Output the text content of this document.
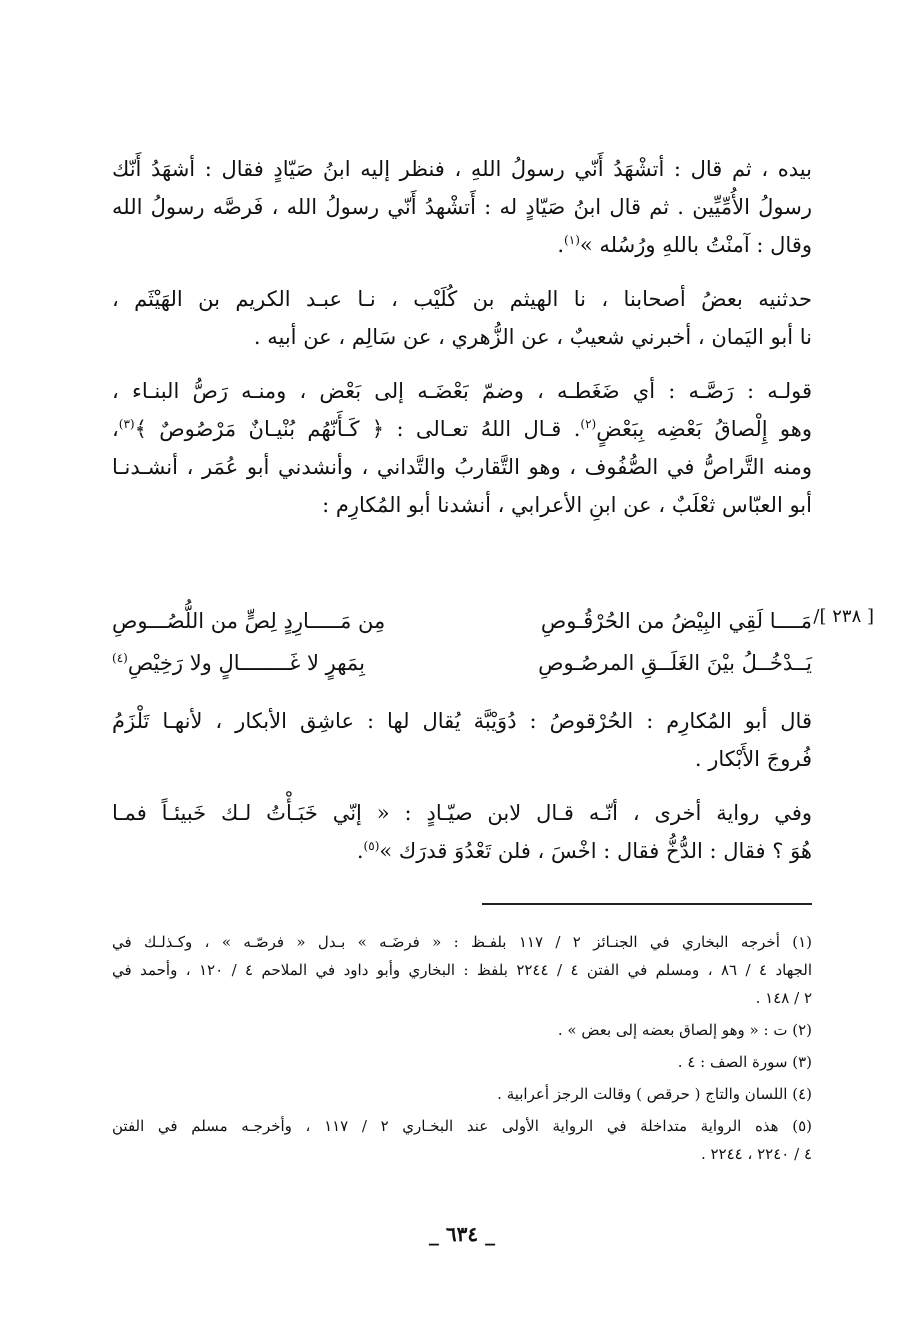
بيده ، ثم قال : أتشْهَدُ أَنّي رسولُ اللهِ ، فنظر إليه ابنُ صَيّادٍ فقال : أشهَدُ أَنّك
رسولُ الأُمِّيِّين . ثم قال ابنُ صَيّادٍ له : أَتشْهدُ أَنّي رسولُ الله ، فَرصَّه رسولُ الله
وقال : آمنْتُ باللهِ ورُسُله »$^{(١)}$.
حدثنيه بعضُ أصحابنا ، نا الهيثم بن كُلَيْب ، نـا عبـد الكريم بن الهَيْثَم ،
نا أبو اليَمان ، أخبرني شعيبٌ ، عن الزُّهري ، عن سَالِم ، عن أبيه .
قولـه : رَصَّـه : أي ضَغَطـه ، وضمّ بَعْضَـه إلى بَعْض ، ومنـه رَصُّ البنـاء ،
وهو إِلْصاقُ بَعْضِه بِبَعْضٍ$^{(٢)}$. قـال اللهُ تعـالى : ﴿ كَـأَنّهُم بُنْيـانٌ مَرْصُوصٌ ﴾$^{(٣)}$،
ومنه التَّراصُّ في الصُّفُوف ، وهو التَّقاربُ والتَّداني ، وأنشدني أبو عُمَر ، أنشـدنـا
أبو العبّاس ثعْلَبٌ ، عن ابنِ الأعرابي ، أنشدنا أبو المُكارِم :
[ ٢٣٨ ]/
مَــــا لَقِي البِيْضُ من الحُرْقُـوصِ
مِن مَـــــارِدٍ لِصٍّ من اللُّصُـــوصِ
يَــدْخُــلُ بيْنَ الغَلَــقِ المرصُـوصِ
بِمَهرٍ لا غَــــــــالٍ ولا رَخِيْصِ$^{(٤)}$
قال أبو المُكارِم : الحُرْقوصُ : دُوَيْبَّة يُقال لها : عاشِق الأبكار ، لأنهـا تَلْزَمُ
فُروجَ الأَبْكار .
وفي رواية أخرى ، أنّـه قـال لابن صيّـادٍ : « إنّي خَبَـأْتُ لـك خَبيئـاً فمـا
هُوَ ؟ فقال : الدُّخُّ فقال : اخْسَ ، فلن تَعْدُوَ قدرَك »$^{(٥)}$.
(١) أخرجه البخاري في الجنـائز ٢ / ١١٧ بلفـظ : « فرضَـه » بـدل « فرصّـه » ، وكـذلـك في
الجهاد ٤ / ٨٦ ، ومسلم في الفتن ٤ / ٢٢٤٤ بلفظ : البخاري وأبو داود في الملاحم ٤ / ١٢٠ ، وأحمد في
٢ / ١٤٨ .
(٢) ت : « وهو إلصاق بعضه إلى بعض » .
(٣) سورة الصف : ٤ .
(٤) اللسان والتاج ( حرقص ) وقالت الرجز أعرابية .
(٥) هذه الرواية متداخلة في الرواية الأولى عند البخـاري ٢ / ١١٧ ، وأخرجـه مسلم في الفتن
٤ / ٢٢٤٠ ، ٢٢٤٤ .
_ ٦٣٤ _
